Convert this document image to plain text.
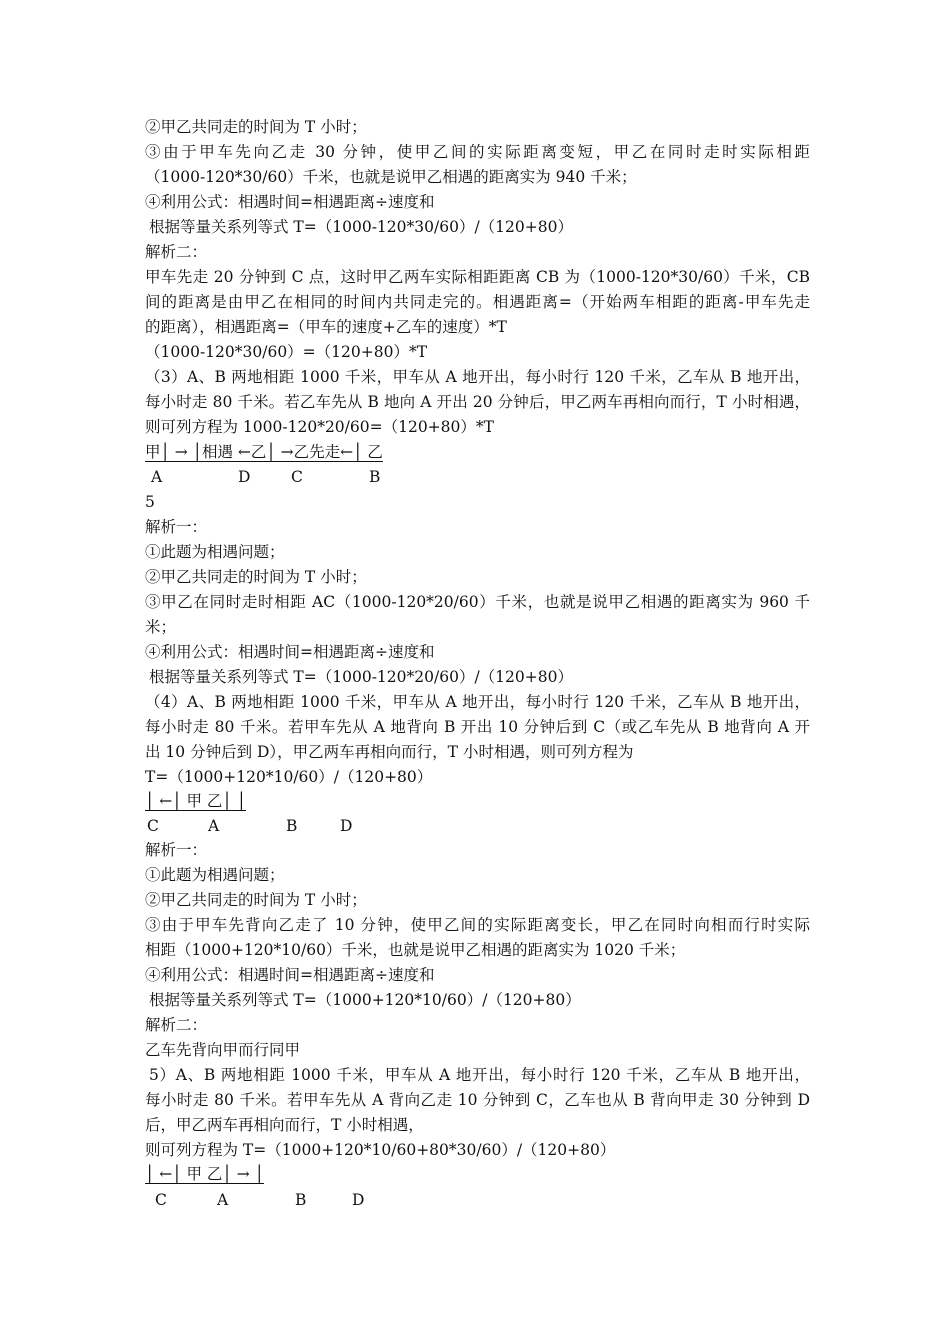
②甲乙共同走的时间为 T 小时；
③由于甲车先向乙走 30 分钟，使甲乙间的实际距离变短，甲乙在同时走时实际相距
（1000-120*30/60）千米，也就是说甲乙相遇的距离实为 940 千米；
④利用公式：相遇时间=相遇距离÷速度和
根据等量关系列等式 T=（1000-120*30/60）/（120+80）
解析二：
甲车先走 20 分钟到 C 点，这时甲乙两车实际相距距离 CB 为（1000-120*30/60）千米，CB
间的距离是由甲乙在相同的时间内共同走完的。相遇距离=（开始两车相距的距离-甲车先走
的距离），相遇距离=（甲车的速度+乙车的速度）*T
（1000-120*30/60）=（120+80）*T
（3）A、B 两地相距 1000 千米，甲车从 A 地开出，每小时行 120 千米，乙车从 B 地开出，
每小时走 80 千米。若乙车先从 B 地向 A 开出 20 分钟后，甲乙两车再相向而行，T 小时相遇，
则可列方程为 1000-120*20/60=（120+80）*T
甲│ → │相遇 ←乙│ →乙先走←│ 乙
A	D	C	B
5
解析一：
①此题为相遇问题；
②甲乙共同走的时间为 T 小时；
③甲乙在同时走时相距 AC（1000-120*20/60）千米，也就是说甲乙相遇的距离实为 960 千
米；
④利用公式：相遇时间=相遇距离÷速度和
根据等量关系列等式 T=（1000-120*20/60）/（120+80）
（4）A、B 两地相距 1000 千米，甲车从 A 地开出，每小时行 120 千米，乙车从 B 地开出，
每小时走 80 千米。若甲车先从 A 地背向 B 开出 10 分钟后到 C（或乙车先从 B 地背向 A 开
出 10 分钟后到 D），甲乙两车再相向而行，T 小时相遇，则可列方程为
T=（1000+120*10/60）/（120+80）
│ ←│ 甲 乙│ │
C	A	B	D
解析一：
①此题为相遇问题；
②甲乙共同走的时间为 T 小时；
③由于甲车先背向乙走了 10 分钟，使甲乙间的实际距离变长，甲乙在同时向相而行时实际
相距（1000+120*10/60）千米，也就是说甲乙相遇的距离实为 1020 千米；
④利用公式：相遇时间=相遇距离÷速度和
根据等量关系列等式 T=（1000+120*10/60）/（120+80）
解析二：
乙车先背向甲而行同甲
5）A、B 两地相距 1000 千米，甲车从 A 地开出，每小时行 120 千米，乙车从 B 地开出，
每小时走 80 千米。若甲车先从 A 背向乙走 10 分钟到 C，乙车也从 B 背向甲走 30 分钟到 D
后，甲乙两车再相向而行，T 小时相遇，
则可列方程为 T=（1000+120*10/60+80*30/60）/（120+80）
│ ←│ 甲 乙│ → │
C	A	B	D
